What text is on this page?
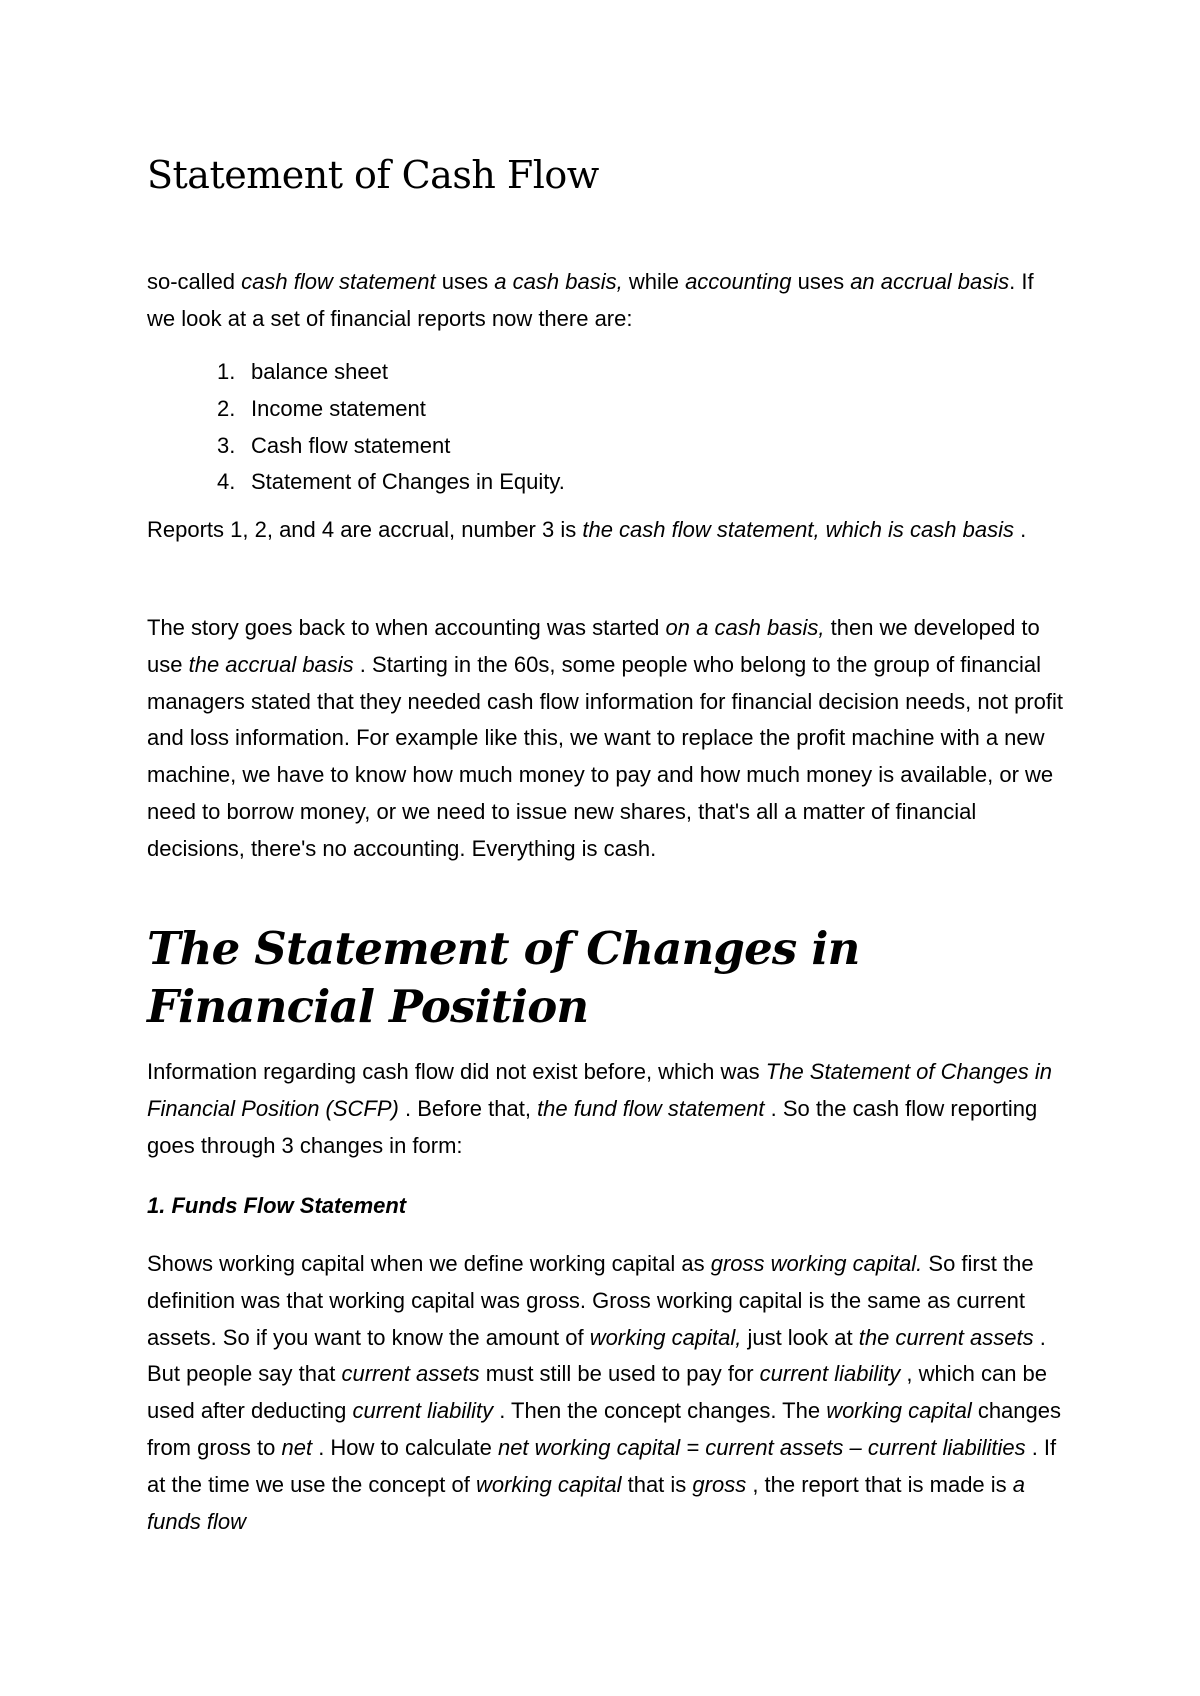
Statement of Cash Flow

so-called cash flow statement uses a cash basis, while accounting uses an accrual basis. If we look at a set of financial reports now there are:

1. balance sheet
2. Income statement
3. Cash flow statement
4. Statement of Changes in Equity.

Reports 1, 2, and 4 are accrual, number 3 is the cash flow statement, which is cash basis .

The story goes back to when accounting was started on a cash basis, then we developed to use the accrual basis . Starting in the 60s, some people who belong to the group of financial managers stated that they needed cash flow information for financial decision needs, not profit and loss information. For example like this, we want to replace the profit machine with a new machine, we have to know how much money to pay and how much money is available, or we need to borrow money, or we need to issue new shares, that's all a matter of financial decisions, there's no accounting. Everything is cash.

The Statement of Changes in Financial Position

Information regarding cash flow did not exist before, which was The Statement of Changes in Financial Position (SCFP) . Before that, the fund flow statement . So the cash flow reporting goes through 3 changes in form:

1. Funds Flow Statement

Shows working capital when we define working capital as gross working capital. So first the definition was that working capital was gross. Gross working capital is the same as current assets. So if you want to know the amount of working capital, just look at the current assets . But people say that current assets must still be used to pay for current liability , which can be used after deducting current liability . Then the concept changes. The working capital changes from gross to net . How to calculate net working capital = current assets – current liabilities . If at the time we use the concept of working capital that is gross , the report that is made is a funds flow
